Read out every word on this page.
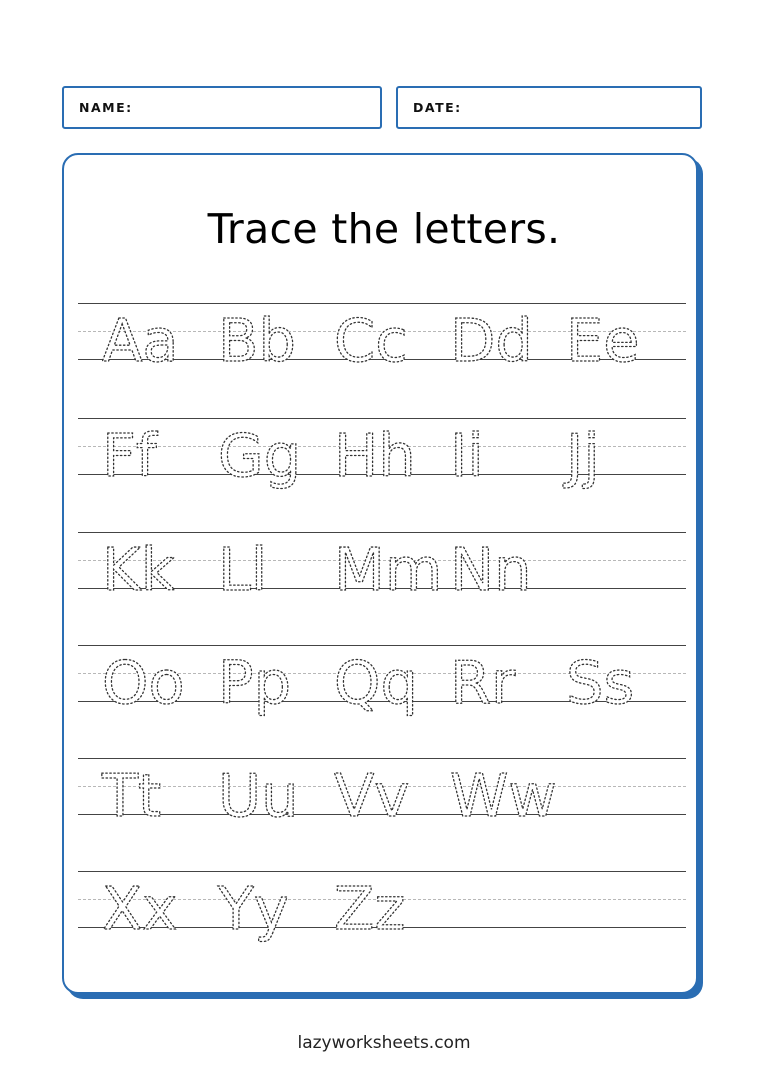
NAME:	DATE:
Trace the letters.
Aa Bb Cc Dd Ee
Ff Gg Hh Ii Jj
Kk Ll Mm Nn
Oo Pp Qq Rr Ss
Tt Uu Vv Ww
Xx Yy Zz
lazyworksheets.com
